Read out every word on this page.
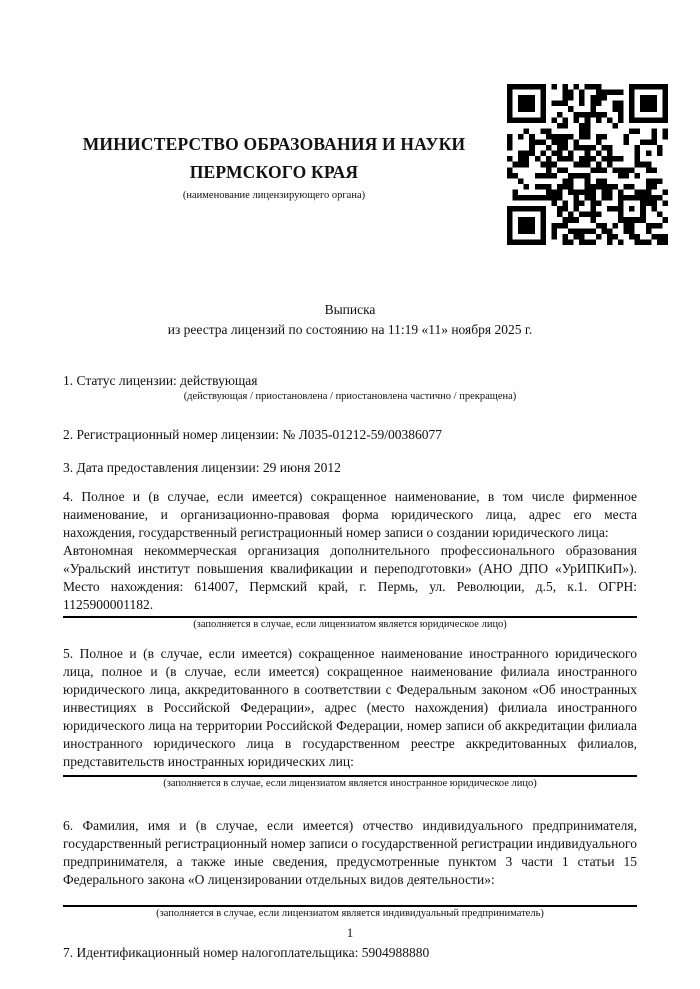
МИНИСТЕРСТВО ОБРАЗОВАНИЯ И НАУКИ
ПЕРМСКОГО КРАЯ
(наименование лицензирующего органа)
Выписка
из реестра лицензий по состоянию на 11:19 «11» ноября 2025 г.
1. Статус лицензии: действующая
(действующая / приостановлена / приостановлена частично / прекращена)
2. Регистрационный номер лицензии: № Л035-01212-59/00386077
3. Дата предоставления лицензии: 29 июня 2012
4. Полное и (в случае, если имеется) сокращенное наименование, в том числе фирменное наименование, и организационно-правовая форма юридического лица, адрес его места нахождения, государственный регистрационный номер записи о создании юридического лица:
Автономная некоммерческая организация дополнительного профессионального образования «Уральский институт повышения квалификации и переподготовки» (АНО ДПО «УрИПКиП»). Место нахождения: 614007, Пермский край, г. Пермь, ул. Революции, д.5, к.1. ОГРН: 1125900001182.
(заполняется в случае, если лицензиатом является юридическое лицо)
5. Полное и (в случае, если имеется) сокращенное наименование иностранного юридического лица, полное и (в случае, если имеется) сокращенное наименование филиала иностранного юридического лица, аккредитованного в соответствии с Федеральным законом «Об иностранных инвестициях в Российской Федерации», адрес (место нахождения) филиала иностранного юридического лица на территории Российской Федерации, номер записи об аккредитации филиала иностранного юридического лица в государственном реестре аккредитованных филиалов, представительств иностранных юридических лиц:
(заполняется в случае, если лицензиатом является иностранное юридическое лицо)
6. Фамилия, имя и (в случае, если имеется) отчество индивидуального предпринимателя, государственный регистрационный номер записи о государственной регистрации индивидуального предпринимателя, а также иные сведения, предусмотренные пунктом 3 части 1 статьи 15 Федерального закона «О лицензировании отдельных видов деятельности»:
(заполняется в случае, если лицензиатом является индивидуальный предприниматель)
7. Идентификационный номер налогоплательщика: 5904988880
1
